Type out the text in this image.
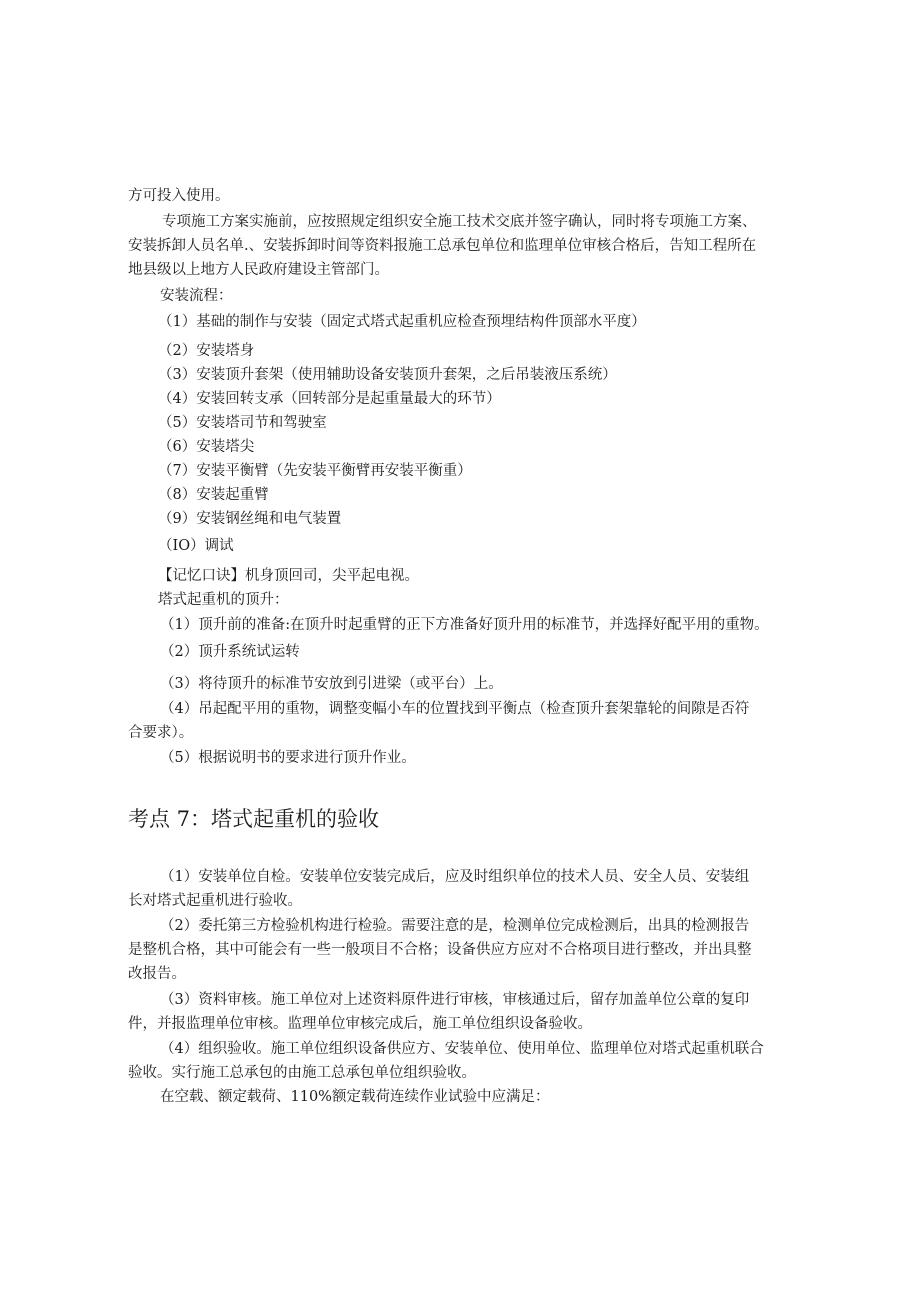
方可投入使用。
专项施工方案实施前，应按照规定组织安全施工技术交底并签字确认，同时将专项施工方案、
安装拆卸人员名单.、安装拆卸时间等资料报施工总承包单位和监理单位审核合格后，告知工程所在
地县级以上地方人民政府建设主管部门。
安装流程：
（1）基础的制作与安装（固定式塔式起重机应检查预埋结构件顶部水平度）
（2）安装塔身
（3）安装顶升套架（使用辅助设备安装顶升套架，之后吊装液压系统）
（4）安装回转支承（回转部分是起重量最大的环节）
（5）安装塔司节和驾驶室
（6）安装塔尖
（7）安装平衡臂（先安装平衡臂再安装平衡重）
（8）安装起重臂
（9）安装钢丝绳和电气装置
（IO）调试
【记忆口诀】机身顶回司，尖平起电视。
塔式起重机的顶升：
（1）顶升前的准备:在顶升时起重臂的正下方准备好顶升用的标准节，并选择好配平用的重物。
（2）顶升系统试运转
（3）将待顶升的标准节安放到引进梁（或平台）上。
（4）吊起配平用的重物，调整变幅小车的位置找到平衡点（检查顶升套架靠轮的间隙是否符
合要求）。
（5）根据说明书的要求进行顶升作业。
考点 7：塔式起重机的验收
（1）安装单位自检。安装单位安装完成后，应及时组织单位的技术人员、安全人员、安装组
长对塔式起重机进行验收。
（2）委托第三方检验机构进行检验。需要注意的是，检测单位完成检测后，出具的检测报告
是整机合格，其中可能会有一些一般项目不合格；设备供应方应对不合格项目进行整改，并出具整
改报告。
（3）资料审核。施工单位对上述资料原件进行审核，审核通过后，留存加盖单位公章的复印
件，并报监理单位审核。监理单位审核完成后，施工单位组织设备验收。
（4）组织验收。施工单位组织设备供应方、安装单位、使用单位、监理单位对塔式起重机联合
验收。实行施工总承包的由施工总承包单位组织验收。
在空载、额定载荷、110%额定载荷连续作业试验中应满足：
